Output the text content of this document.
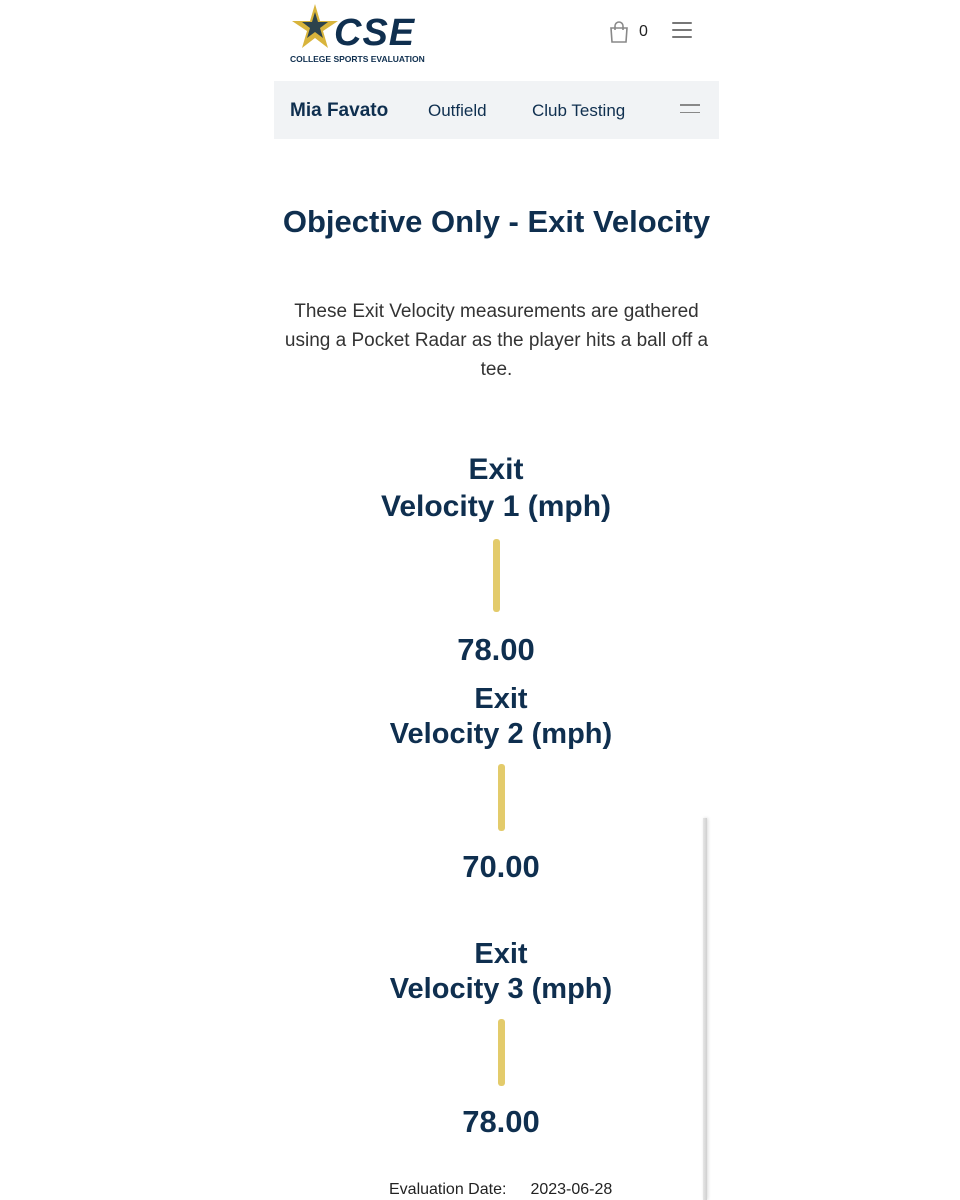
CSE
COLLEGE SPORTS EVALUATION
0
Mia Favato Outfield	Club Testing
Objective Only - Exit Velocity

These Exit Velocity measurements are gathered using a Pocket Radar as the player hits a ball off a tee.

Exit
Velocity 1 (mph)
78.00
Exit
Velocity 2 (mph)
70.00
Exit
Velocity 3 (mph)
78.00
Evaluation Date: 2023-06-28
